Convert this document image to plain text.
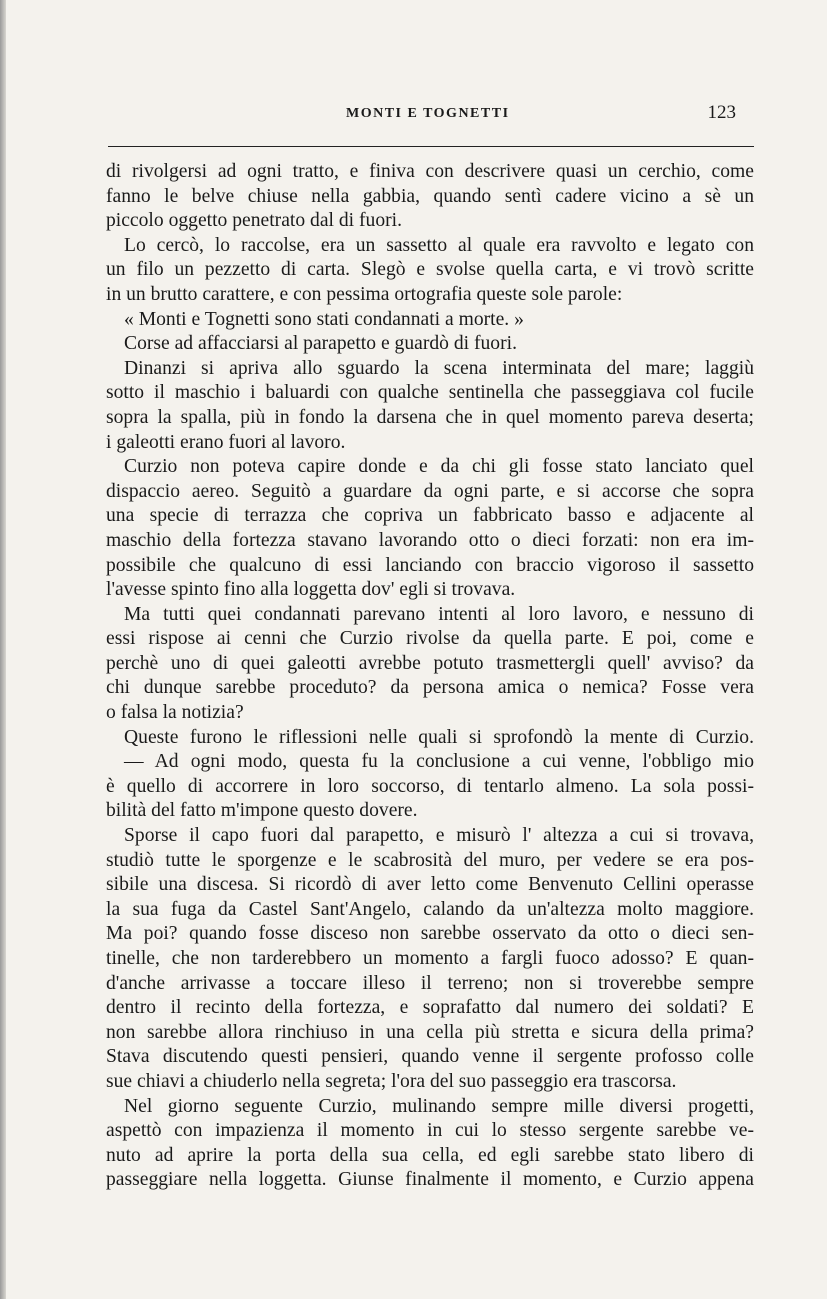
MONTI E TOGNETTI	123
di rivolgersi ad ogni tratto, e finiva con descrivere quasi un cerchio, come
fanno le belve chiuse nella gabbia, quando sentì cadere vicino a sè un
piccolo oggetto penetrato dal di fuori.
Lo cercò, lo raccolse, era un sassetto al quale era ravvolto e legato con
un filo un pezzetto di carta. Slegò e svolse quella carta, e vi trovò scritte
in un brutto carattere, e con pessima ortografia queste sole parole:
« Monti e Tognetti sono stati condannati a morte. »
Corse ad affacciarsi al parapetto e guardò di fuori.
Dinanzi si apriva allo sguardo la scena interminata del mare; laggiù
sotto il maschio i baluardi con qualche sentinella che passeggiava col fucile
sopra la spalla, più in fondo la darsena che in quel momento pareva deserta;
i galeotti erano fuori al lavoro.
Curzio non poteva capire donde e da chi gli fosse stato lanciato quel
dispaccio aereo. Seguitò a guardare da ogni parte, e si accorse che sopra
una specie di terrazza che copriva un fabbricato basso e adjacente al
maschio della fortezza stavano lavorando otto o dieci forzati: non era im-
possibile che qualcuno di essi lanciando con braccio vigoroso il sassetto
l'avesse spinto fino alla loggetta dov' egli si trovava.
Ma tutti quei condannati parevano intenti al loro lavoro, e nessuno di
essi rispose ai cenni che Curzio rivolse da quella parte. E poi, come e
perchè uno di quei galeotti avrebbe potuto trasmettergli quell' avviso? da
chi dunque sarebbe proceduto? da persona amica o nemica? Fosse vera
o falsa la notizia?
Queste furono le riflessioni nelle quali si sprofondò la mente di Curzio.
— Ad ogni modo, questa fu la conclusione a cui venne, l'obbligo mio
è quello di accorrere in loro soccorso, di tentarlo almeno. La sola possi-
bilità del fatto m'impone questo dovere.
Sporse il capo fuori dal parapetto, e misurò l' altezza a cui si trovava,
studiò tutte le sporgenze e le scabrosità del muro, per vedere se era pos-
sibile una discesa. Si ricordò di aver letto come Benvenuto Cellini operasse
la sua fuga da Castel Sant'Angelo, calando da un'altezza molto maggiore.
Ma poi? quando fosse disceso non sarebbe osservato da otto o dieci sen-
tinelle, che non tarderebbero un momento a fargli fuoco adosso? E quan-
d'anche arrivasse a toccare illeso il terreno; non si troverebbe sempre
dentro il recinto della fortezza, e soprafatto dal numero dei soldati? E
non sarebbe allora rinchiuso in una cella più stretta e sicura della prima?
Stava discutendo questi pensieri, quando venne il sergente profosso colle
sue chiavi a chiuderlo nella segreta; l'ora del suo passeggio era trascorsa.
Nel giorno seguente Curzio, mulinando sempre mille diversi progetti,
aspettò con impazienza il momento in cui lo stesso sergente sarebbe ve-
nuto ad aprire la porta della sua cella, ed egli sarebbe stato libero di
passeggiare nella loggetta. Giunse finalmente il momento, e Curzio appena
